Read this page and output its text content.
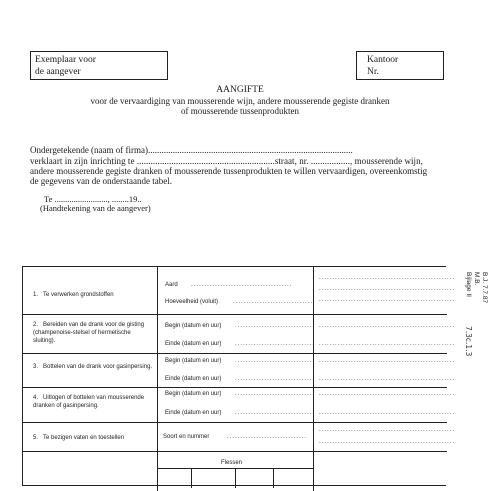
Exemplaar voor
de aangever
Kantoor
Nr.
AANGIFTE
voor de vervaardiging van mousserende wijn, andere mousserende gegiste dranken
of mousserende tussenprodukten
Ondergetekende (naam of firma)...........................................................................................
verklaart in zijn inrichting te ............................................................straat, nr. ................., mousserende wijn,
andere mousserende gegiste dranken of mousserende tussenprodukten te willen vervaardigen, overeenkomstig
de gegevens van de onderstaande tabel.
Te ........................., ........19..
(Handtekening van de aangever)
B.J. 7.7.87
M.B.
Bijlage II
7.3c.1.3
1. Te verwerken grondstoffen
Aard ......................................
Hoeveelheid (voluit) ..............................
...................................................
...................................................
...................................................
2. Bereiden van de drank voor de gisting (champenoise-stelsel of hermetische sluiting).
Begin (datum en uur) ..............................
Einde (datum en uur) ..............................
...................................................
...................................................
3. Bottelen van de drank voor gasinpersing.
Begin (datum en uur) ..............................
Einde (datum en uur) ..............................
...................................................
...................................................
4. Uitlogen of bottelen van mousserende dranken of gasinpersing.
Begin (datum en uur) ..............................
Einde (datum en uur) ..............................
...................................................
...................................................
5. Te bezigen vaten en toestellen	Soort en nummer	..............................
...................................................
...................................................
Flessen
